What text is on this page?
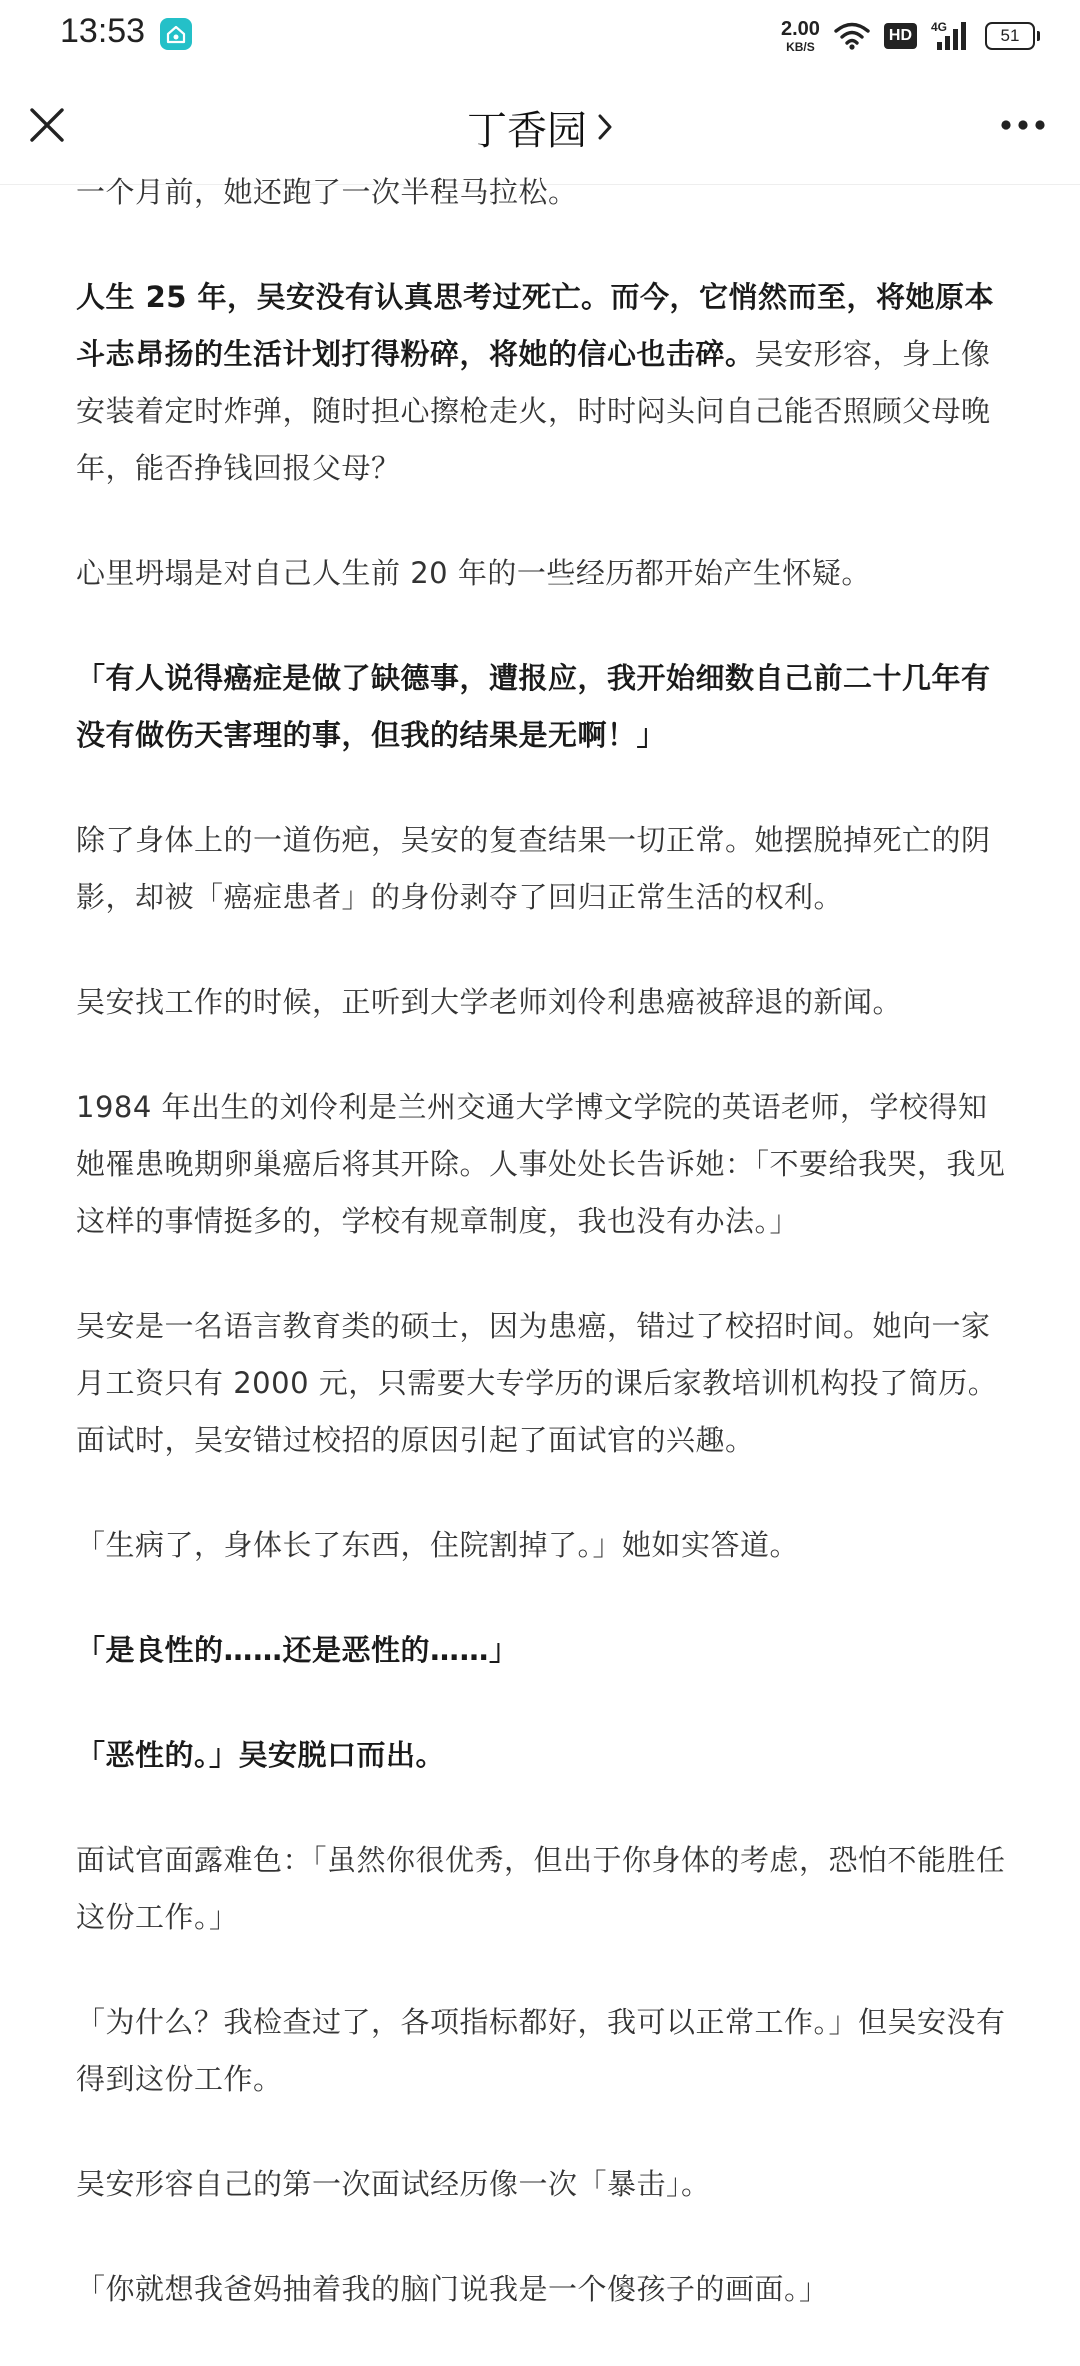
13:53	2.00
KB/S
HD	4G	51
丁香园

一个月前，她还跑了一次半程马拉松。

人生 25 年，吴安没有认真思考过死亡。而今，它悄然而至，将她原本斗志昂扬的生活计划打得粉碎，将她的信心也击碎。吴安形容，身上像安装着定时炸弹，随时担心擦枪走火，时时闷头问自己能否照顾父母晚年，能否挣钱回报父母？

心里坍塌是对自己人生前 20 年的一些经历都开始产生怀疑。

「有人说得癌症是做了缺德事，遭报应，我开始细数自己前二十几年有没有做伤天害理的事，但我的结果是无啊！」

除了身体上的一道伤疤，吴安的复查结果一切正常。她摆脱掉死亡的阴影，却被「癌症患者」的身份剥夺了回归正常生活的权利。

吴安找工作的时候，正听到大学老师刘伶利患癌被辞退的新闻。

1984 年出生的刘伶利是兰州交通大学博文学院的英语老师，学校得知她罹患晚期卵巢癌后将其开除。人事处处长告诉她：「不要给我哭，我见这样的事情挺多的，学校有规章制度，我也没有办法。」

吴安是一名语言教育类的硕士，因为患癌，错过了校招时间。她向一家月工资只有 2000 元，只需要大专学历的课后家教培训机构投了简历。

面试时，吴安错过校招的原因引起了面试官的兴趣。

「生病了，身体长了东西，住院割掉了。」她如实答道。

「是良性的……还是恶性的……」

「恶性的。」吴安脱口而出。

面试官面露难色：「虽然你很优秀，但出于你身体的考虑，恐怕不能胜任这份工作。」

「为什么？我检查过了，各项指标都好，我可以正常工作。」但吴安没有得到这份工作。

吴安形容自己的第一次面试经历像一次「暴击」。

「你就想我爸妈抽着我的脑门说我是一个傻孩子的画面。」
